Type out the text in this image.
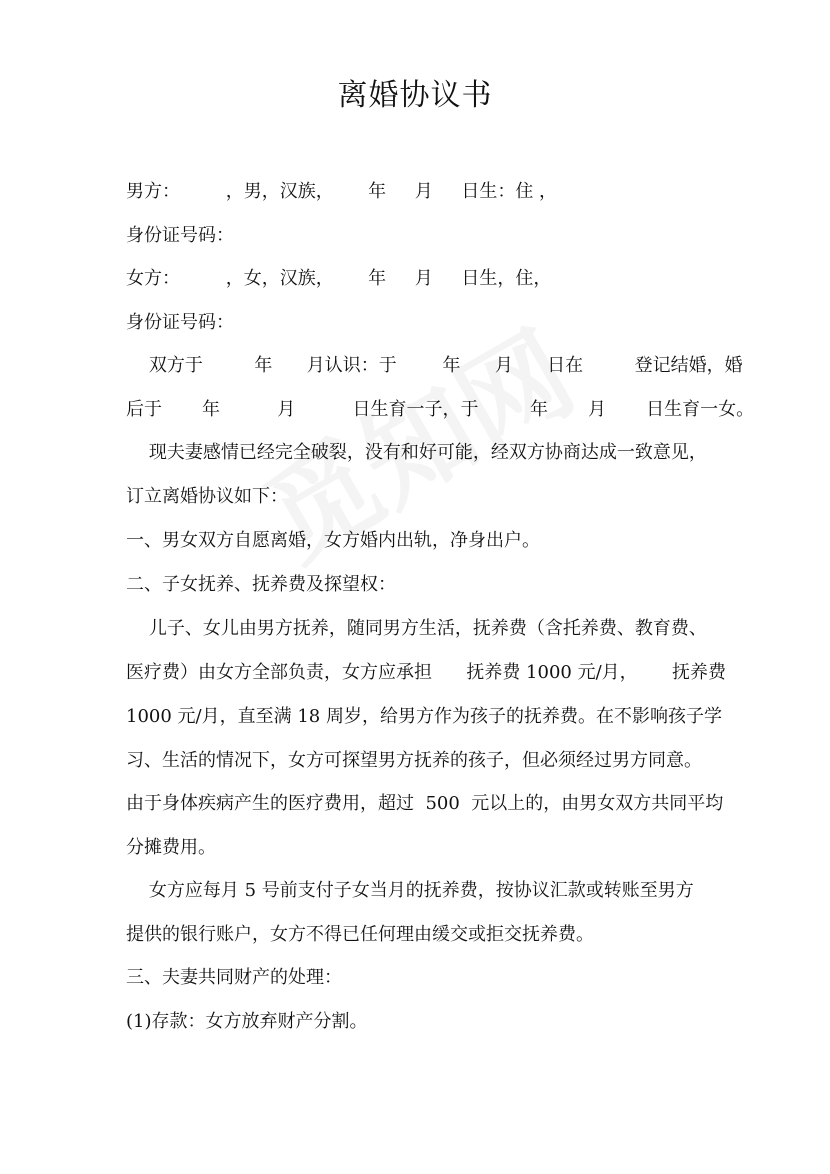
离婚协议书
男方：        ，男，汉族，      年     月     日生：住 ，
身份证号码：
女方：        ，女，汉族，      年     月     日生，住，
身份证号码：
双方于         年      月认识：于        年      月      日在         登记结婚，婚
后于       年          月          日生育一子，于         年       月       日生育一女。
现夫妻感情已经完全破裂，没有和好可能，经双方协商达成一致意见，
订立离婚协议如下：
一、男女双方自愿离婚，女方婚内出轨，净身出户。
二、子女抚养、抚养费及探望权：
儿子、女儿由男方抚养，随同男方生活，抚养费（含托养费、教育费、
医疗费）由女方全部负责，女方应承担      抚养费 1000 元/月，      抚养费
1000 元/月，直至满 18 周岁，给男方作为孩子的抚养费。在不影响孩子学
习、生活的情况下，女方可探望男方抚养的孩子，但必须经过男方同意。
由于身体疾病产生的医疗费用，超过  500  元以上的，由男女双方共同平均
分摊费用。
女方应每月 5 号前支付子女当月的抚养费，按协议汇款或转账至男方
提供的银行账户，女方不得已任何理由缓交或拒交抚养费。
三、夫妻共同财产的处理：
(1)存款：女方放弃财产分割。
